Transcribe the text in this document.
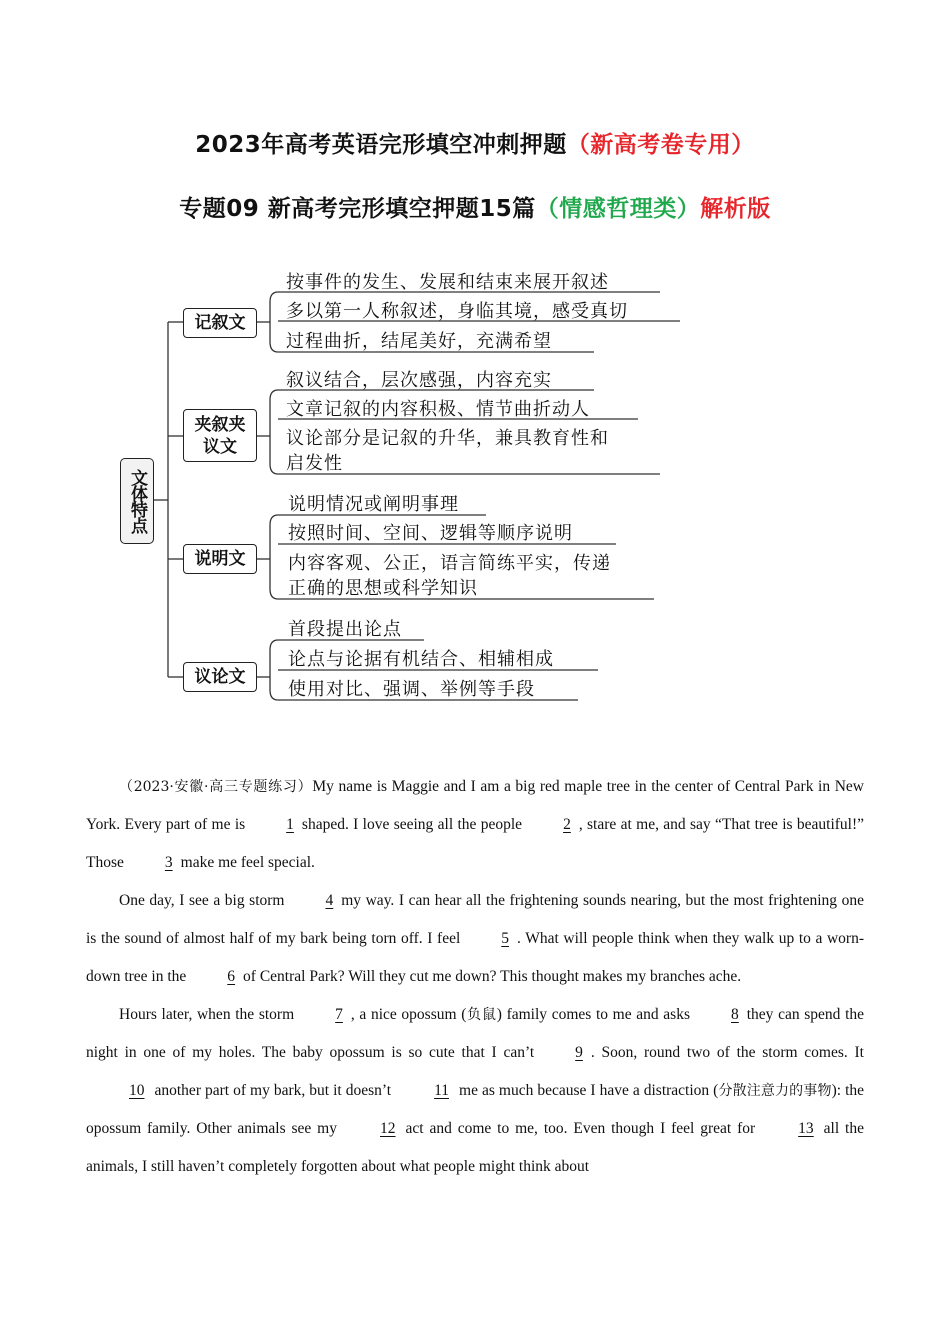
2023年高考英语完形填空冲刺押题（新高考卷专用）
专题09 新高考完形填空押题15篇（情感哲理类）解析版
文体特点
记叙文
夹叙夹议文
说明文
议论文
按事件的发生、发展和结束来展开叙述
多以第一人称叙述，身临其境，感受真切
过程曲折，结尾美好，充满希望
叙议结合，层次感强，内容充实
文章记叙的内容积极、情节曲折动人
议论部分是记叙的升华，兼具教育性和
启发性
说明情况或阐明事理
按照时间、空间、逻辑等顺序说明
内容客观、公正，语言简练平实，传递
正确的思想或科学知识
首段提出论点
论点与论据有机结合、相辅相成
使用对比、强调、举例等手段

（2023·安徽·高三专题练习）My name is Maggie and I am a big red maple tree in the center of Central Park in New York. Every part of me is	1 shaped. I love seeing all the people	2 , stare at me, and say “That tree is beautiful!” Those	3 make me feel special.

One day, I see a big storm	4 my way. I can hear all the frightening sounds nearing, but the most frightening one is the sound of almost half of my bark being torn off. I feel	5 . What will people think when they walk up to a worn-down tree in the	6 of Central Park? Will they cut me down? This thought makes my branches ache.

Hours later, when the storm	7 , a nice opossum (负鼠) family comes to me and asks	8 they can spend the night in one of my holes. The baby opossum is so cute that I can’t	9 . Soon, round two of the storm comes. It10 another part of my bark, but it doesn’t	11 me as much because I have a distraction (分散注意力的事物): the opossum family. Other animals see my	12 act and come to me, too. Even though I feel great for	13 all the animals, I still haven’t completely forgotten about what people might think about
